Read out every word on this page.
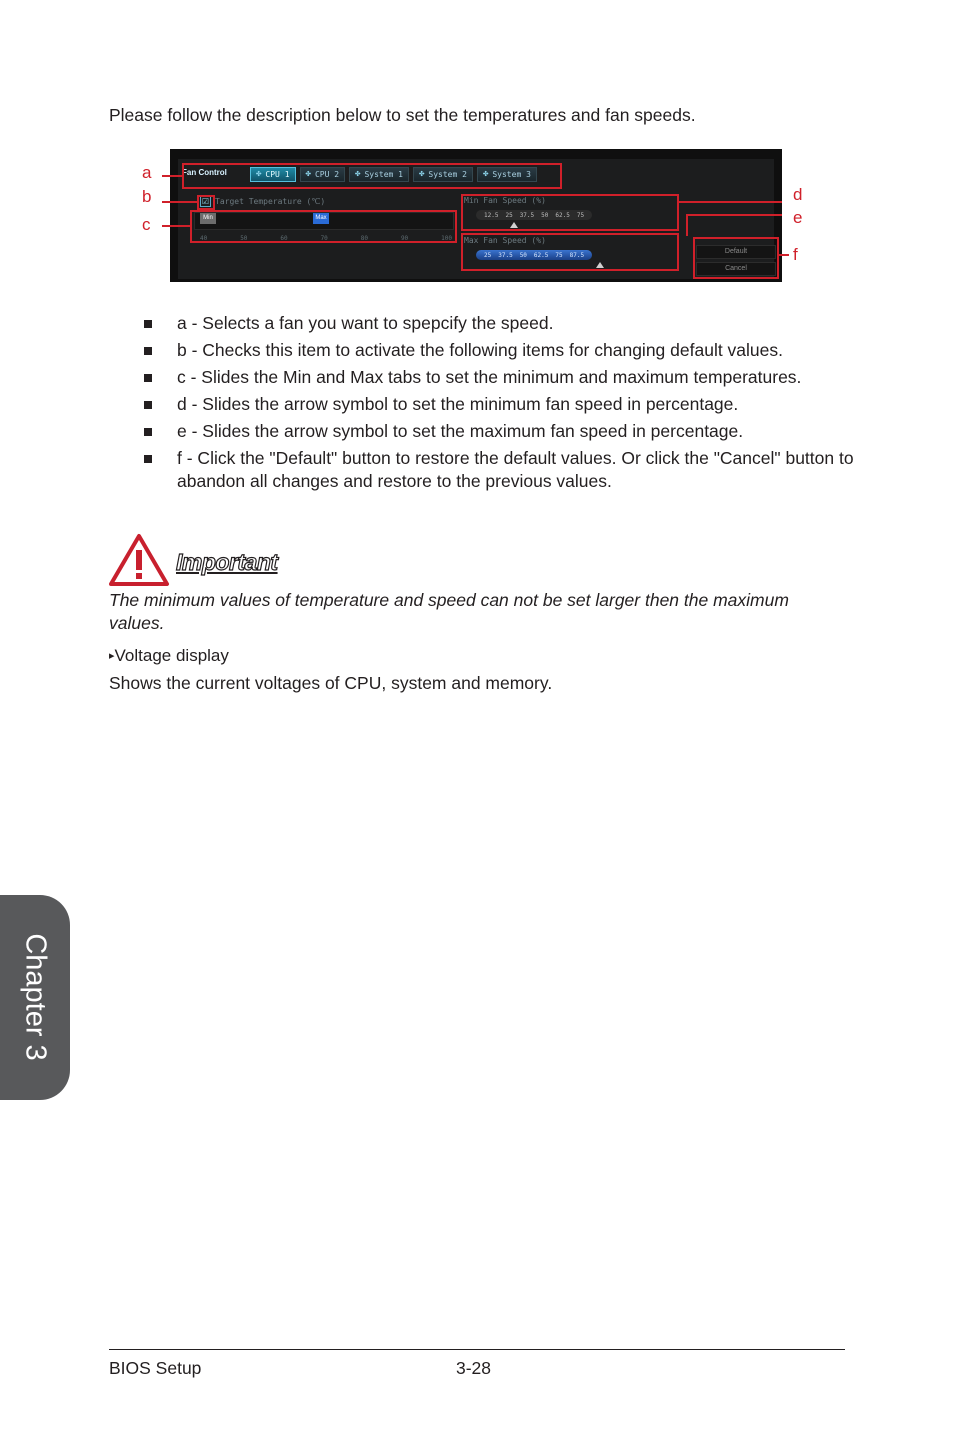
Please follow the description below to set the temperatures and fan speeds.
Fan Control	✤ CPU 1 ✤ CPU 2 ✤ System 1 ✤ System 2 ✤ System 3
☑ Target Temperature (℃)
Min	Max
40	50	60	70	80	90	100
Min Fan Speed (%)
12.5 25 37.5 50 62.5 75
Max Fan Speed (%)
25 37.5 50 62.5 75 87.5	Default
Cancel
a
b
c
d
e
f
a - Selects a fan you want to spepcify the speed.
b - Checks this item to activate the following items for changing default values.
c - Slides the Min and Max tabs to set the minimum and maximum temperatures.
d - Slides the arrow symbol to set the minimum fan speed in percentage.
e - Slides the arrow symbol to set the maximum fan speed in percentage.
f - Click the "Default" button to restore the default values. Or click the "Cancel" button to abandon all changes and restore to the previous values.
Important
The minimum values of temperature and speed can not be set larger then the maximum values.
▸Voltage display
Shows the current voltages of CPU, system and memory.
Chapter 3
BIOS Setup	3-28
